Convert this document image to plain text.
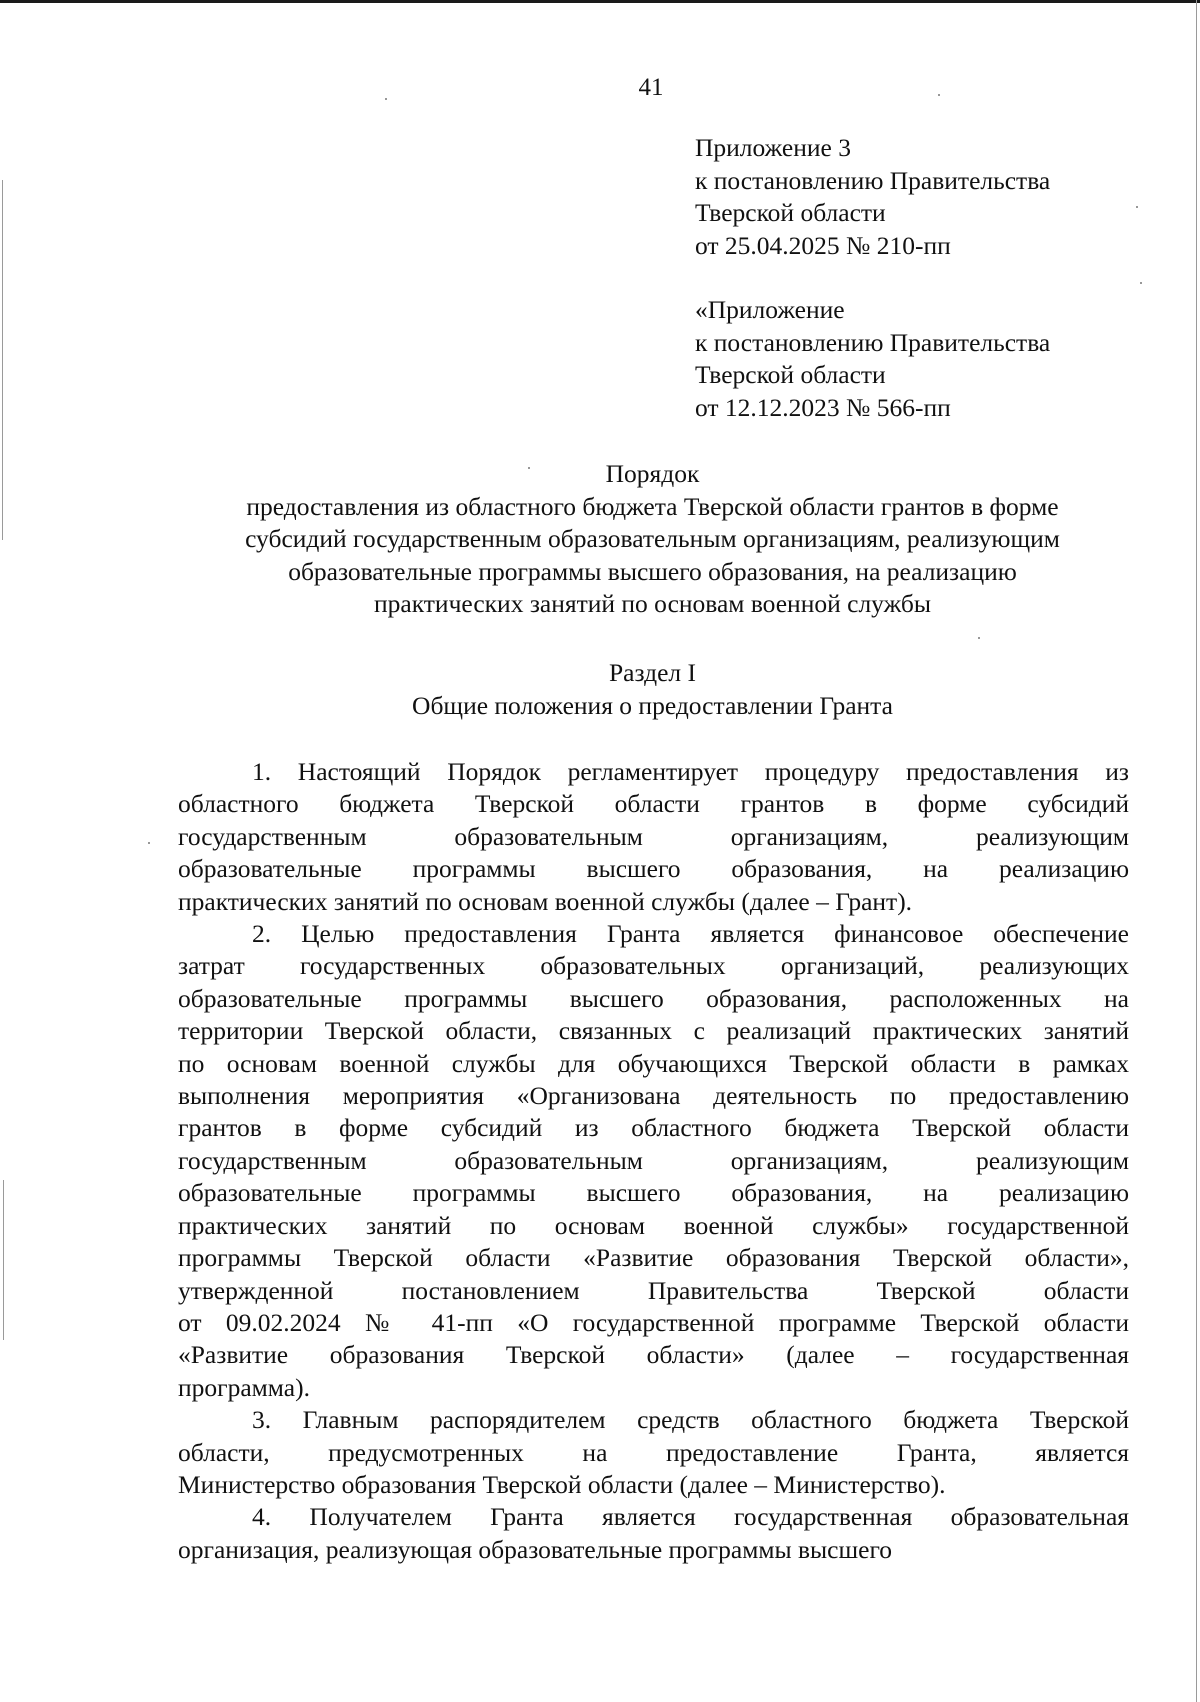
41
Приложение 3
к постановлению Правительства
Тверской области
от 25.04.2025 № 210-пп
«Приложение
к постановлению Правительства
Тверской области
от 12.12.2023 № 566-пп
Порядок
предоставления из областного бюджета Тверской области грантов в форме
субсидий государственным образовательным организациям, реализующим
образовательные программы высшего образования, на реализацию
практических занятий по основам военной службы
Раздел I
Общие положения о предоставлении Гранта
1. Настоящий Порядок регламентирует процедуру предоставления из
областного бюджета Тверской области грантов в форме субсидий
государственным образовательным организациям, реализующим
образовательные программы высшего образования, на реализацию
практических занятий по основам военной службы (далее – Грант).
2. Целью предоставления Гранта является финансовое обеспечение
затрат государственных образовательных организаций, реализующих
образовательные программы высшего образования, расположенных на
территории Тверской области, связанных с реализаций практических занятий
по основам военной службы для обучающихся Тверской области в рамках
выполнения мероприятия «Организована деятельность по предоставлению
грантов в форме субсидий из областного бюджета Тверской области
государственным образовательным организациям, реализующим
образовательные программы высшего образования, на реализацию
практических занятий по основам военной службы» государственной
программы Тверской области «Развитие образования Тверской области»,
утвержденной постановлением Правительства Тверской области
от 09.02.2024 № 41-пп «О государственной программе Тверской области
«Развитие образования Тверской области» (далее – государственная
программа).
3. Главным распорядителем средств областного бюджета Тверской
области, предусмотренных на предоставление Гранта, является
Министерство образования Тверской области (далее – Министерство).
4. Получателем Гранта является государственная образовательная
организация, реализующая образовательные программы высшего
